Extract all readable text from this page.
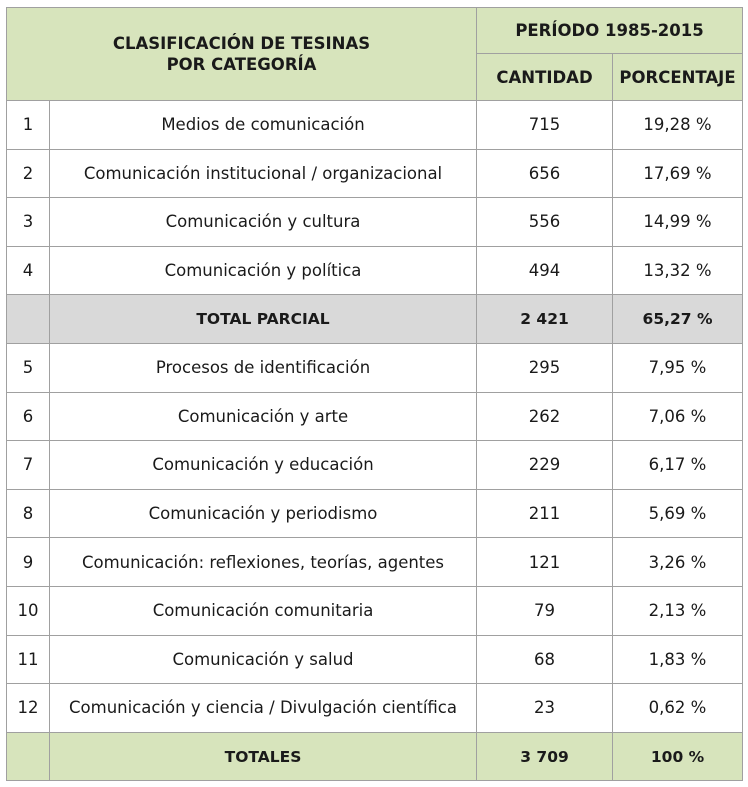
CLASIFICACIÓN DE TESINAS
POR CATEGORÍA		PERÍODO 1985-2015	
		CANTIDAD	PORCENTAJE
1	Medios de comunicación	715	19,28 %
2	Comunicación institucional / organizacional	656	17,69 %
3	Comunicación y cultura	556	14,99 %
4	Comunicación y política	494	13,32 %
	TOTAL PARCIAL	2 421	65,27 %
5	Procesos de identificación	295	7,95 %
6	Comunicación y arte	262	7,06 %
7	Comunicación y educación	229	6,17 %
8	Comunicación y periodismo	211	5,69 %
9	Comunicación: reflexiones, teorías, agentes	121	3,26 %
10	Comunicación comunitaria	79	2,13 %
11	Comunicación y salud	68	1,83 %
12	Comunicación y ciencia / Divulgación científica	23	0,62 %
	TOTALES	3 709	100 %
